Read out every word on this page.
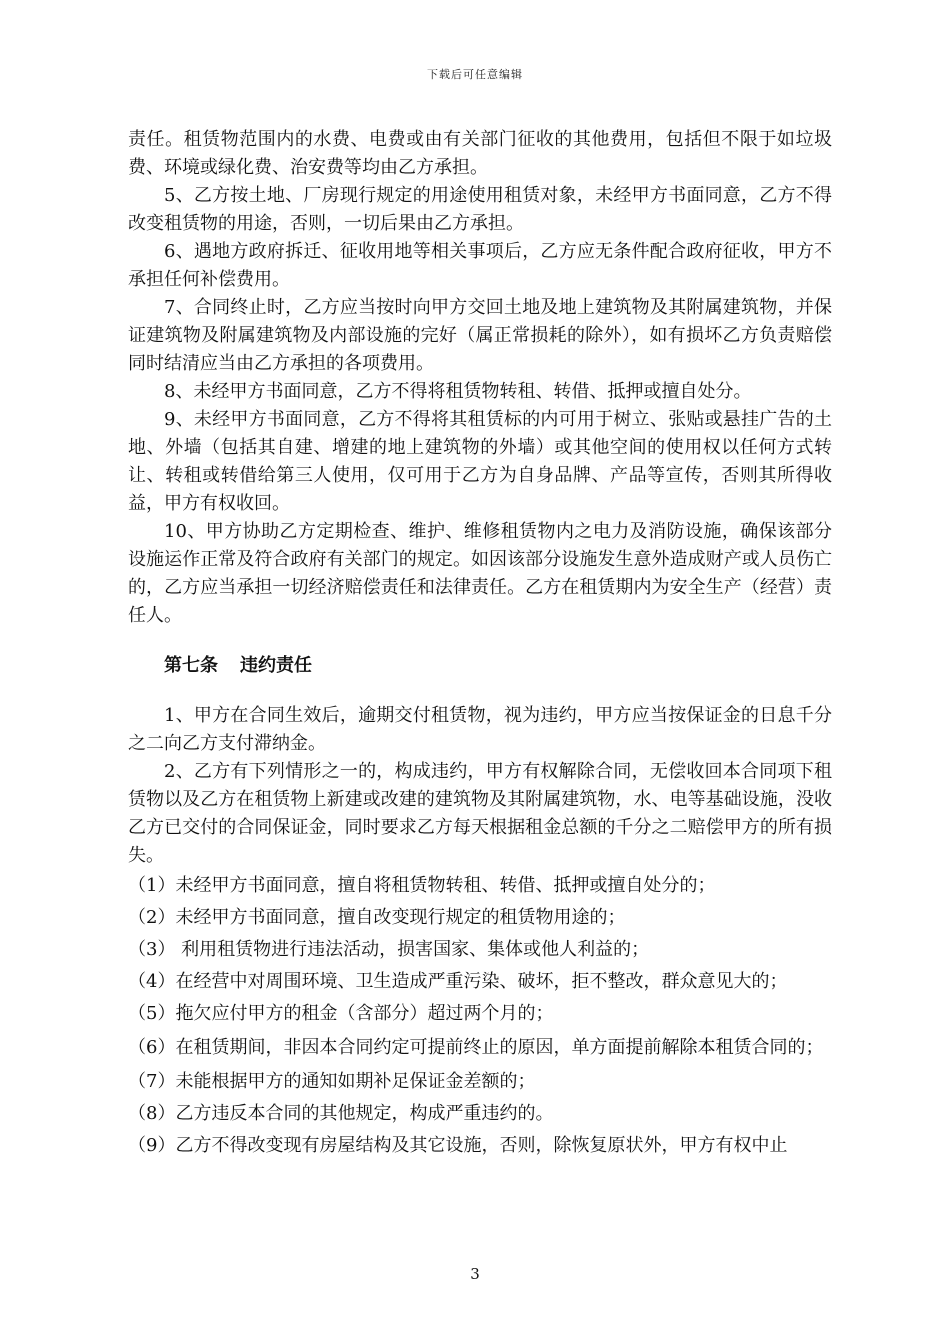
下载后可任意编辑

责任。租赁物范围内的水费、电费或由有关部门征收的其他费用，包括但不限于如垃圾费、环境或绿化费、治安费等均由乙方承担。

5、乙方按土地、厂房现行规定的用途使用租赁对象，未经甲方书面同意，乙方不得改变租赁物的用途，否则，一切后果由乙方承担。

6、遇地方政府拆迁、征收用地等相关事项后，乙方应无条件配合政府征收，甲方不承担任何补偿费用。

7、合同终止时，乙方应当按时向甲方交回土地及地上建筑物及其附属建筑物，并保证建筑物及附属建筑物及内部设施的完好（属正常损耗的除外），如有损坏乙方负责赔偿同时结清应当由乙方承担的各项费用。

8、未经甲方书面同意，乙方不得将租赁物转租、转借、抵押或擅自处分。

9、未经甲方书面同意，乙方不得将其租赁标的内可用于树立、张贴或悬挂广告的土地、外墙（包括其自建、增建的地上建筑物的外墙）或其他空间的使用权以任何方式转让、转租或转借给第三人使用，仅可用于乙方为自身品牌、产品等宣传，否则其所得收益，甲方有权收回。

10、甲方协助乙方定期检查、维护、维修租赁物内之电力及消防设施，确保该部分设施运作正常及符合政府有关部门的规定。如因该部分设施发生意外造成财产或人员伤亡的，乙方应当承担一切经济赔偿责任和法律责任。乙方在租赁期内为安全生产（经营）责任人。

第七条 违约责任

1、甲方在合同生效后，逾期交付租赁物，视为违约，甲方应当按保证金的日息千分之二向乙方支付滞纳金。

2、乙方有下列情形之一的，构成违约，甲方有权解除合同，无偿收回本合同项下租赁物以及乙方在租赁物上新建或改建的建筑物及其附属建筑物，水、电等基础设施，没收乙方已交付的合同保证金，同时要求乙方每天根据租金总额的千分之二赔偿甲方的所有损失。

（1）未经甲方书面同意，擅自将租赁物转租、转借、抵押或擅自处分的；

（2）未经甲方书面同意，擅自改变现行规定的租赁物用途的；

（3） 利用租赁物进行违法活动，损害国家、集体或他人利益的；

（4）在经营中对周围环境、卫生造成严重污染、破坏，拒不整改，群众意见大的；

（5）拖欠应付甲方的租金（含部分）超过两个月的；

（6）在租赁期间，非因本合同约定可提前终止的原因，单方面提前解除本租赁合同的；

（7）未能根据甲方的通知如期补足保证金差额的；

（8）乙方违反本合同的其他规定，构成严重违约的。

（9）乙方不得改变现有房屋结构及其它设施，否则，除恢复原状外，甲方有权中止

3
